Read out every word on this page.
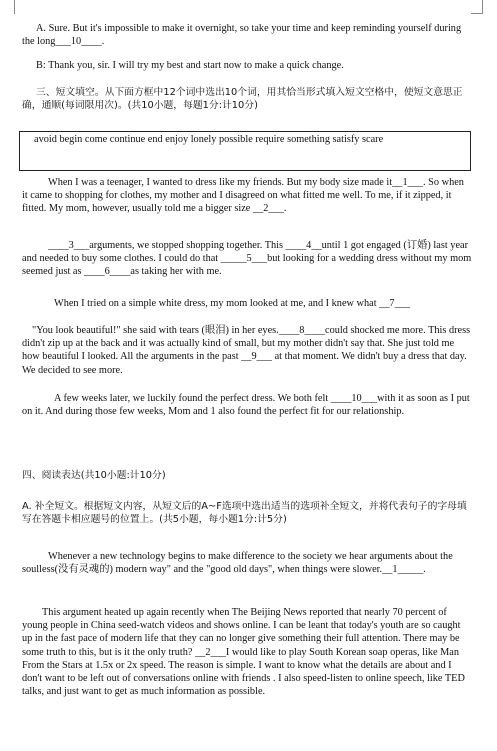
A. Sure. But it's impossible to make it overnight, so take your time and keep reminding yourself during the long___10____.

B: Thank you, sir. I will try my best and start now to make a quick change.

三、短文填空。从下面方框中12个词中选出10个词，用其恰当形式填入短文空格中，使短文意思正确，通顺(每词限用次)。(共10小题，每题1分:计10分)

avoid begin come continue end enjoy lonely possible require something satisfy scare

When I was a teenager, I wanted to dress like my friends. But my body size made it__1___. So when it came to shopping for clothes, my mother and I disagreed on what fitted me well. To me, if it zipped, it fitted. My mom, however, usually told me a bigger size __2___.

____3___arguments, we stopped shopping together. This ____4__until 1 got engaged (订婚) last year and needed to buy some clothes. I could do that _____5___but looking for a wedding dress without my mom seemed just as ____6____as taking her with me.

When I tried on a simple white dress, my mom looked at me, and I knew what __7___

"You look beautiful!" she said with tears (眼泪) in her eyes.____8____could shocked me more. This dress didn't zip up at the back and it was actually kind of small, but my mother didn't say that. She just told me how beautiful I looked. All the arguments in the past __9___ at that moment. We didn't buy a dress that day. We decided to see more.

A few weeks later, we luckily found the perfect dress. We both felt ____10___with it as soon as I put on it. And during those few weeks, Mom and 1 also found the perfect fit for our relationship.

四、阅读表达(共10小题:计10分)

A. 补全短文。根据短文内容，从短文后的A~F选项中选出适当的选项补全短文，并将代表句子的字母填写在答题卡相应题号的位置上。(共5小题，每小题1分:计5分)

Whenever a new technology begins to make difference to the society we hear arguments about the soulless(没有灵魂的) modern way" and the "good old days", when things were slower.__1_____.

This argument heated up again recently when The Beijing News reported that nearly 70 percent of young people in China seed-watch videos and shows online. I can be leant that today's youth are so caught up in the fast pace of modern life that they can no longer give something their full attention. There may be some truth to this, but is it the only truth? __2___I would like to play South Korean soap operas, like Man From the Stars at 1.5x or 2x speed. The reason is simple. I want to know what the details are about and I don't want to be left out of conversations online with friends . I also speed-listen to online speech, like TED talks, and just want to get as much information as possible.
